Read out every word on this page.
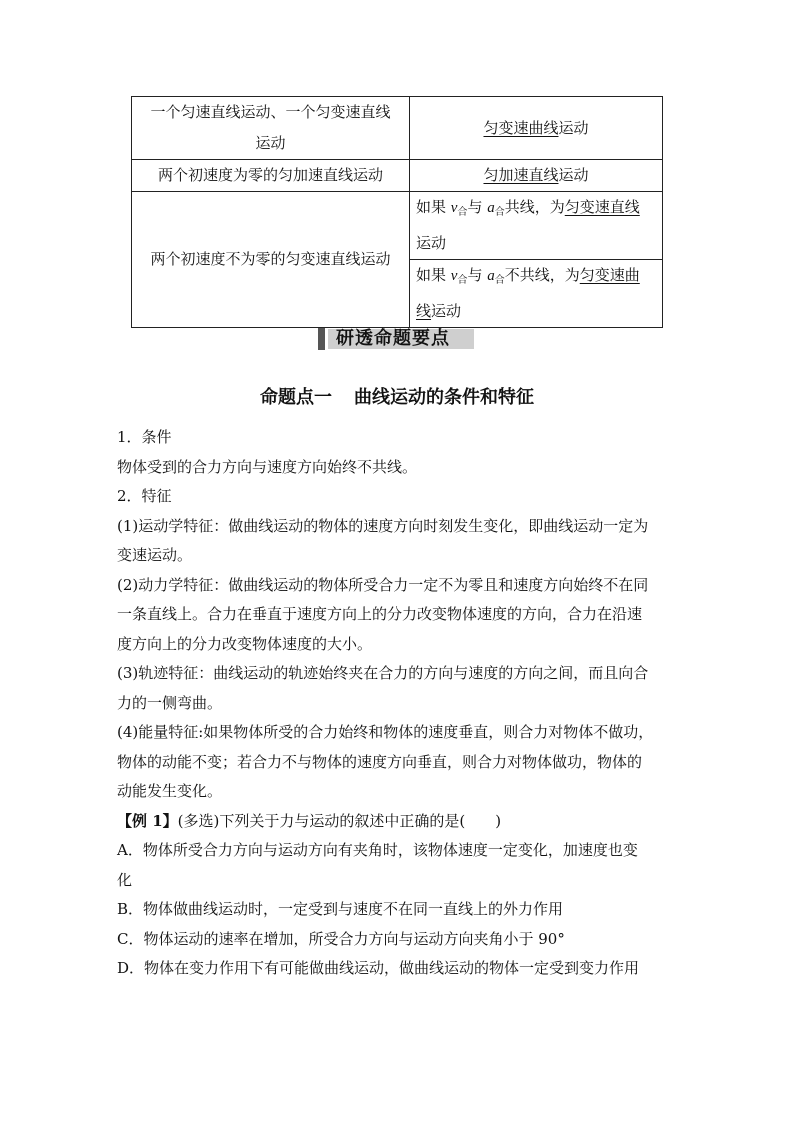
一个匀速直线运动、一个匀变速直线
运动	匀变速曲线运动
两个初速度为零的匀加速直线运动	匀加速直线运动
两个初速度不为零的匀变速直线运动	如果 $v_合$与 $a_合$共线，为匀变速直线
运动
	如果 $v_合$与 $a_合$不共线，为匀变速曲
线运动
研透命题要点
命题点一 曲线运动的条件和特征

1．条件

物体受到的合力方向与速度方向始终不共线。

2．特征

(1)运动学特征：做曲线运动的物体的速度方向时刻发生变化，即曲线运动一定为

变速运动。

(2)动力学特征：做曲线运动的物体所受合力一定不为零且和速度方向始终不在同

一条直线上。合力在垂直于速度方向上的分力改变物体速度的方向，合力在沿速

度方向上的分力改变物体速度的大小。

(3)轨迹特征：曲线运动的轨迹始终夹在合力的方向与速度的方向之间，而且向合

力的一侧弯曲。

(4)能量特征:如果物体所受的合力始终和物体的速度垂直，则合力对物体不做功，

物体的动能不变；若合力不与物体的速度方向垂直，则合力对物体做功，物体的

动能发生变化。

【例 1】(多选)下列关于力与运动的叙述中正确的是(　　)

A．物体所受合力方向与运动方向有夹角时，该物体速度一定变化，加速度也变

化

B．物体做曲线运动时，一定受到与速度不在同一直线上的外力作用

C．物体运动的速率在增加，所受合力方向与运动方向夹角小于 90°

D．物体在变力作用下有可能做曲线运动，做曲线运动的物体一定受到变力作用
